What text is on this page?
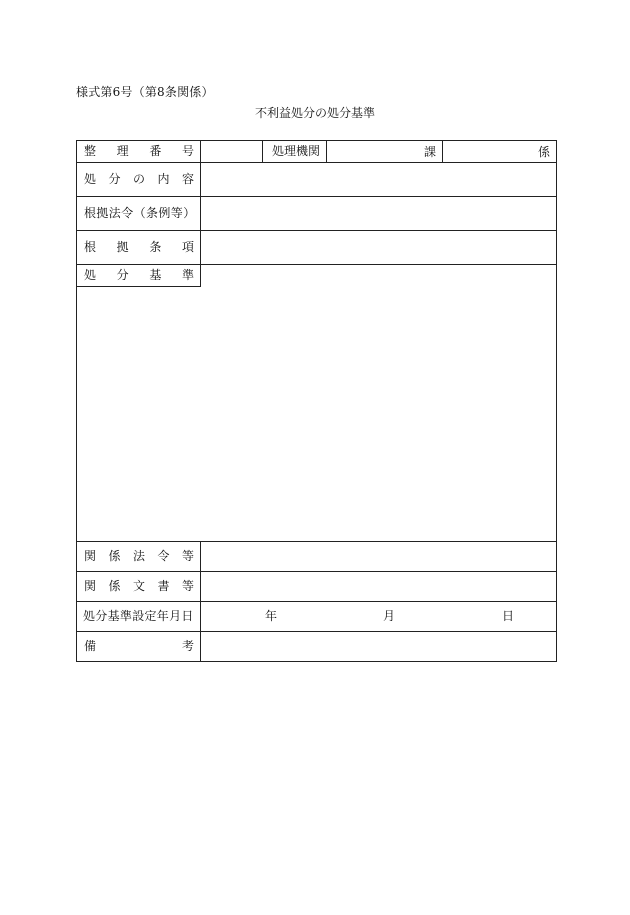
様式第6号（第8条関係）
不利益処分の処分基準
整 理 番 号	処理機関	課	係
処 分 の 内 容
根拠法令（条例等）
根 拠 条 項
処 分 基 準
関 係 法 令 等
関 係 文 書 等
処分基準設定年月日	年	月	日
備	考
